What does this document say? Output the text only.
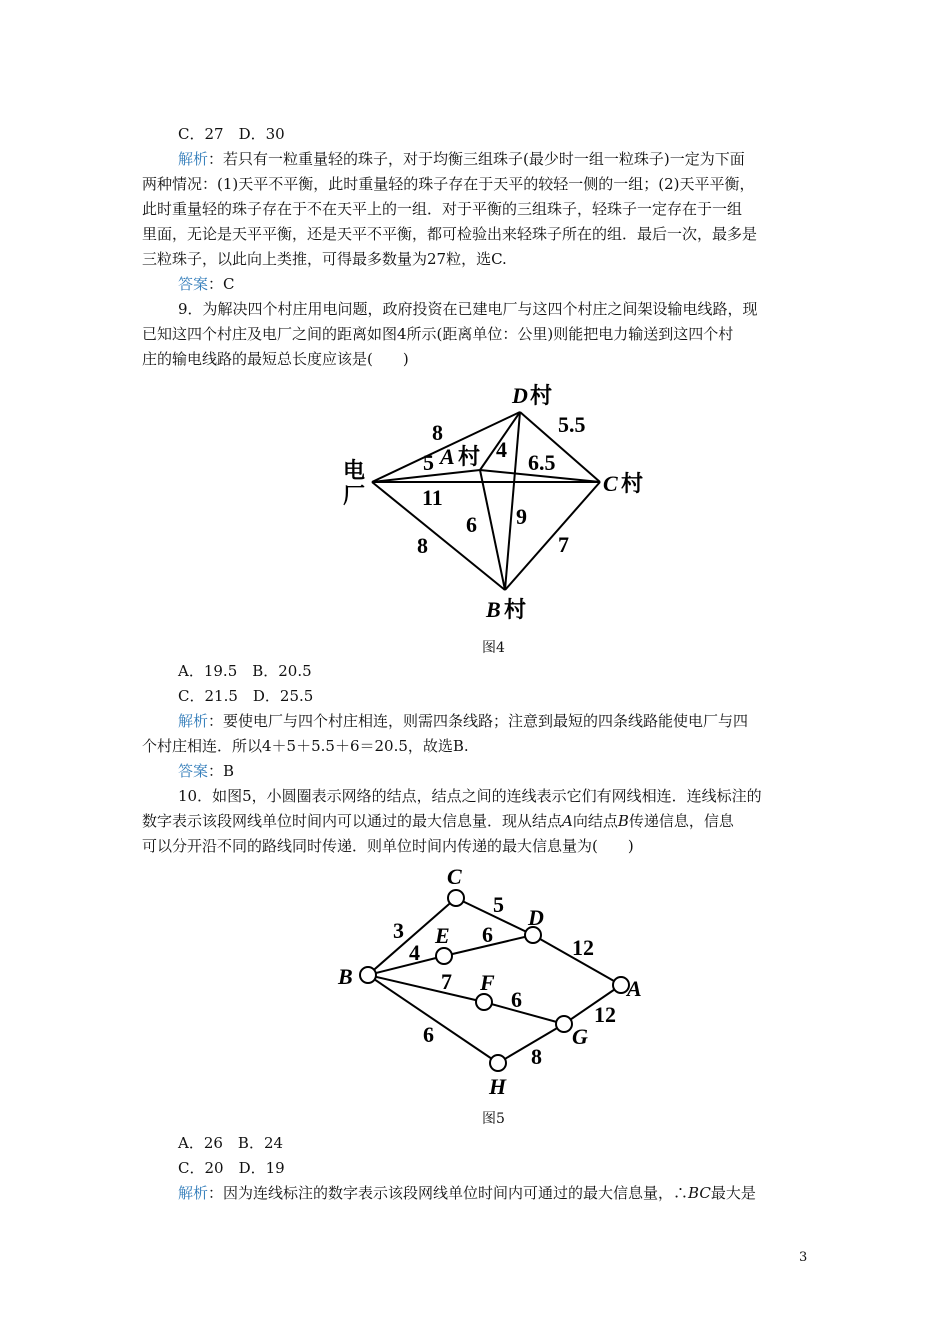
C．27　D．30
解析：若只有一粒重量轻的珠子，对于均衡三组珠子(最少时一组一粒珠子)一定为下面
两种情况：(1)天平不平衡，此时重量轻的珠子存在于天平的较轻一侧的一组；(2)天平平衡，
此时重量轻的珠子存在于不在天平上的一组．对于平衡的三组珠子，轻珠子一定存在于一组
里面，无论是天平平衡，还是天平不平衡，都可检验出来轻珠子所在的组．最后一次，最多是
三粒珠子，以此向上类推，可得最多数量为27粒，选C.
答案：C
9．为解决四个村庄用电问题，政府投资在已建电厂与这四个村庄之间架设输电线路，现
已知这四个村庄及电厂之间的距离如图4所示(距离单位：公里)则能把电力输送到这四个村
庄的输电线路的最短总长度应该是(　　)
D 村
A 村
C 村
B 村
电
厂
8	5.5
5
4
6.5
11
6 9
8	7
图4
A．19.5　B．20.5
C．21.5　D．25.5
解析：要使电厂与四个村庄相连，则需四条线路；注意到最短的四条线路能使电厂与四
个村庄相连．所以4＋5＋5.5＋6＝20.5，故选B.
答案：B
10．如图5，小圆圈表示网络的结点，结点之间的连线表示它们有网线相连．连线标注的
数字表示该段网线单位时间内可以通过的最大信息量．现从结点A向结点B传递信息，信息
可以分开沿不同的路线同时传递．则单位时间内传递的最大信息量为(　　)
C
D
E
B	F	A
G
H
3
5
4
6
12
7
6
12
6
8
图5
A．26　B．24
C．20　D．19
解析：因为连线标注的数字表示该段网线单位时间内可通过的最大信息量，∴BC最大是
3
